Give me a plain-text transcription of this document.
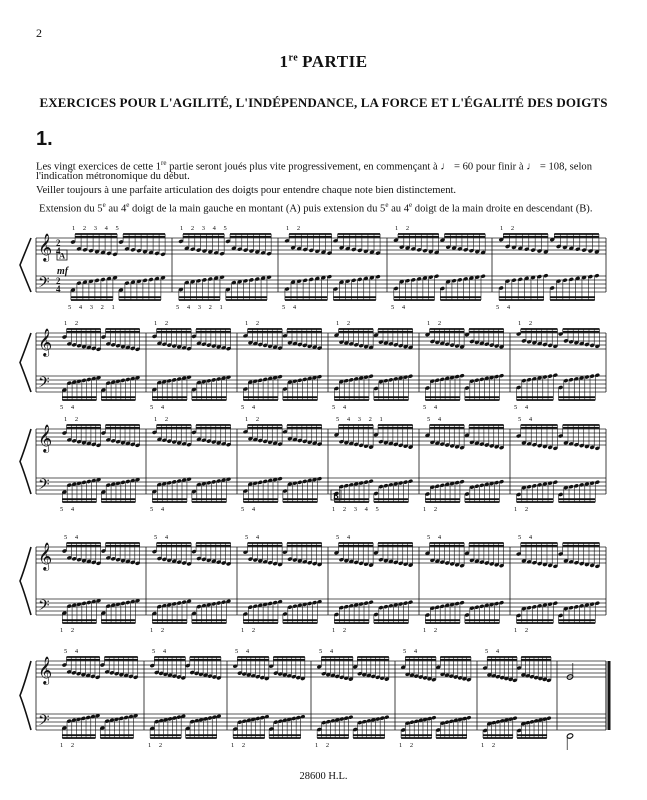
2
1re PARTIE
EXERCICES POUR L'AGILITÉ, L'INDÉPENDANCE, LA FORCE ET L'ÉGALITÉ DES DOIGTS
1.
Les vingt exercices de cette 1re partie seront joués plus vite progressivement, en commençant à ♩ = 60 pour finir à ♩ = 108, selon
l'indication métronomique du début.
Veiller toujours à une parfaite articulation des doigts pour entendre chaque note bien distinctement.
Extension du 5e au 4e doigt de la main gauche en montant (A) puis extension du 5e au 4e doigt de la main droite en descendant (B).
𝄞
𝄢
2
4
2
4
mf
1 2 3 4 5
5 4 3 2 1
1 2 3 4 5
5 4 3 2 1
1 2
5 4
1 2
5 4
1 2
5 4
A
𝄞
𝄢
1 2
5 4
1 2
5 4
1 2
5 4
1 2
5 4
1 2
5 4
1 2
5 4
𝄞
𝄢
1 2
5 4
1 2
5 4
1 2
5 4
5 4 3 2 1
1 2 3 4 5
5 4
1 2
5 4
1 2
B
𝄞
𝄢
5 4
1 2
5 4
1 2
5 4
1 2
5 4
1 2
5 4
1 2
5 4
1 2
𝄞
𝄢
5 4
1 2
5 4
1 2
5 4
1 2
5 4
1 2
5 4
1 2
5 4
1 2
28600 H.L.
